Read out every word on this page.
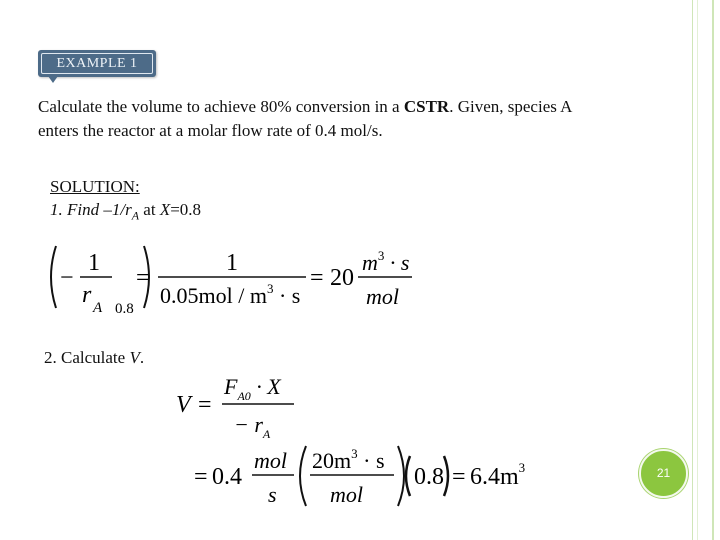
EXAMPLE 1
Calculate the volume to achieve 80% conversion in a CSTR. Given, species A
enters the reactor at a molar flow rate of 0.4 mol/s.
SOLUTION:
1. Find $-1/r_A$ at X=0.8
−
1
r A 0.8
=
1
$0.05mol / m^3 \cdot s$
= 20
$m^3 \cdot s$
mol
2. Calculate V.
V =
$F_{A0} \cdot X$
− $r_A$
= 0.4
mol
s
$20m^3 \cdot s$
mol
$0.8 = 6.4m^3$	21
